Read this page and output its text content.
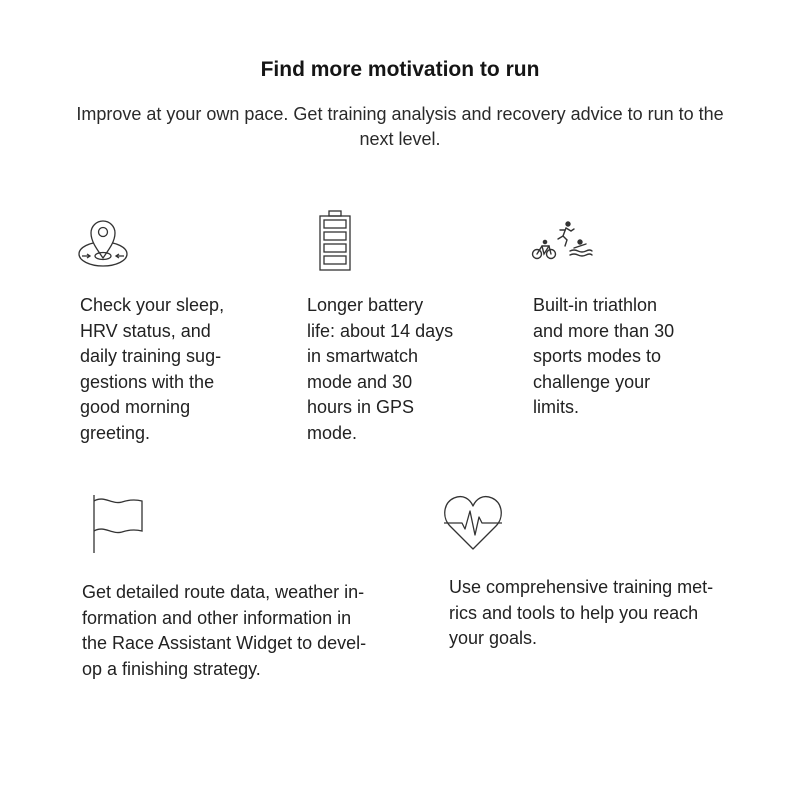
Find more motivation to run

Improve at your own pace. Get training analysis and recovery advice to run to the next level.

Check your sleep,
HRV status, and
daily training sug-
gestions with the
good morning
greeting.
Longer battery
life: about 14 days
in smartwatch
mode and 30
hours in GPS
mode.
Built-in triathlon
and more than 30
sports modes to
challenge your
limits.
Get detailed route data, weather in-
formation and other information in
the Race Assistant Widget to devel-
op a finishing strategy.
Use comprehensive training met-
rics and tools to help you reach
your goals.
